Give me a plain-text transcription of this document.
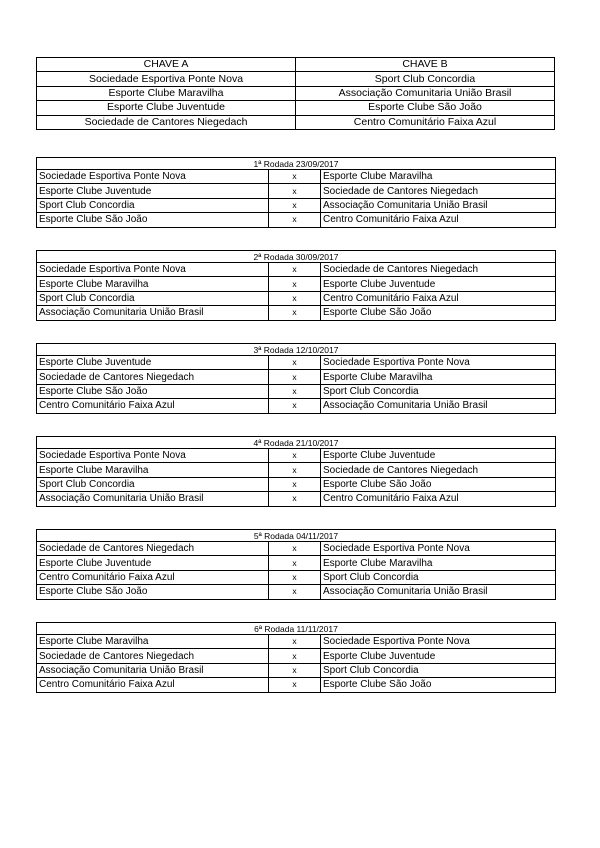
CHAVE A	CHAVE B
Sociedade Esportiva Ponte Nova	Sport Club Concordia
Esporte Clube Maravilha	Associação Comunitaria União Brasil
Esporte Clube Juventude	Esporte Clube São João
Sociedade de Cantores Niegedach	Centro Comunitário Faixa Azul
1ª Rodada 23/09/2017		
Sociedade Esportiva Ponte Nova	x	Esporte Clube Maravilha
Esporte Clube Juventude	x	Sociedade de Cantores Niegedach
Sport Club Concordia	x	Associação Comunitaria União Brasil
Esporte Clube São João	x	Centro Comunitário Faixa Azul
2ª Rodada 30/09/2017		
Sociedade Esportiva Ponte Nova	x	Sociedade de Cantores Niegedach
Esporte Clube Maravilha	x	Esporte Clube Juventude
Sport Club Concordia	x	Centro Comunitário Faixa Azul
Associação Comunitaria União Brasil	x	Esporte Clube São João
3ª Rodada 12/10/2017		
Esporte Clube Juventude	x	Sociedade Esportiva Ponte Nova
Sociedade de Cantores Niegedach	x	Esporte Clube Maravilha
Esporte Clube São João	x	Sport Club Concordia
Centro Comunitário Faixa Azul	x	Associação Comunitaria União Brasil
4ª Rodada 21/10/2017		
Sociedade Esportiva Ponte Nova	x	Esporte Clube Juventude
Esporte Clube Maravilha	x	Sociedade de Cantores Niegedach
Sport Club Concordia	x	Esporte Clube São João
Associação Comunitaria União Brasil	x	Centro Comunitário Faixa Azul
5ª Rodada 04/11/2017		
Sociedade de Cantores Niegedach	x	Sociedade Esportiva Ponte Nova
Esporte Clube Juventude	x	Esporte Clube Maravilha
Centro Comunitário Faixa Azul	x	Sport Club Concordia
Esporte Clube São João	x	Associação Comunitaria União Brasil
6ª Rodada 11/11/2017		
Esporte Clube Maravilha	x	Sociedade Esportiva Ponte Nova
Sociedade de Cantores Niegedach	x	Esporte Clube Juventude
Associação Comunitaria União Brasil	x	Sport Club Concordia
Centro Comunitário Faixa Azul	x	Esporte Clube São João
